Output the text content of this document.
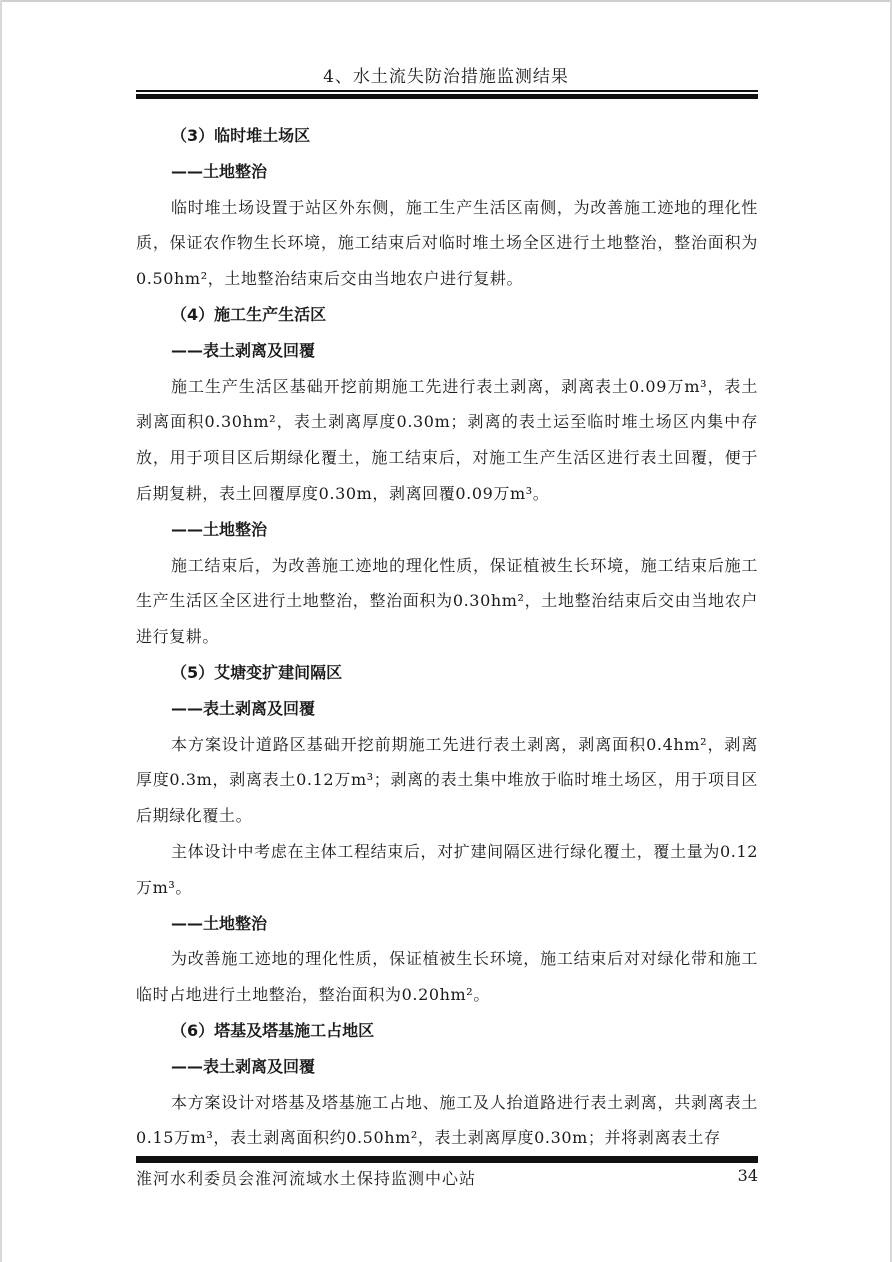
4、水土流失防治措施监测结果

（3）临时堆土场区

——土地整治

临时堆土场设置于站区外东侧，施工生产生活区南侧，为改善施工迹地的理化性质，保证农作物生长环境，施工结束后对临时堆土场全区进行土地整治，整治面积为0.50hm²，土地整治结束后交由当地农户进行复耕。

（4）施工生产生活区

——表土剥离及回覆

施工生产生活区基础开挖前期施工先进行表土剥离，剥离表土0.09万m³，表土剥离面积0.30hm²，表土剥离厚度0.30m；剥离的表土运至临时堆土场区内集中存放，用于项目区后期绿化覆土，施工结束后，对施工生产生活区进行表土回覆，便于后期复耕，表土回覆厚度0.30m，剥离回覆0.09万m³。

——土地整治

施工结束后，为改善施工迹地的理化性质，保证植被生长环境，施工结束后施工生产生活区全区进行土地整治，整治面积为0.30hm²，土地整治结束后交由当地农户进行复耕。

（5）艾塘变扩建间隔区

——表土剥离及回覆

本方案设计道路区基础开挖前期施工先进行表土剥离，剥离面积0.4hm²，剥离厚度0.3m，剥离表土0.12万m³；剥离的表土集中堆放于临时堆土场区，用于项目区后期绿化覆土。

主体设计中考虑在主体工程结束后，对扩建间隔区进行绿化覆土，覆土量为0.12万m³。

——土地整治

为改善施工迹地的理化性质，保证植被生长环境，施工结束后对对绿化带和施工临时占地进行土地整治，整治面积为0.20hm²。

（6）塔基及塔基施工占地区

——表土剥离及回覆

本方案设计对塔基及塔基施工占地、施工及人抬道路进行表土剥离，共剥离表土0.15万m³，表土剥离面积约0.50hm²，表土剥离厚度0.30m；并将剥离表土存

淮河水利委员会淮河流域水土保持监测中心站	34
